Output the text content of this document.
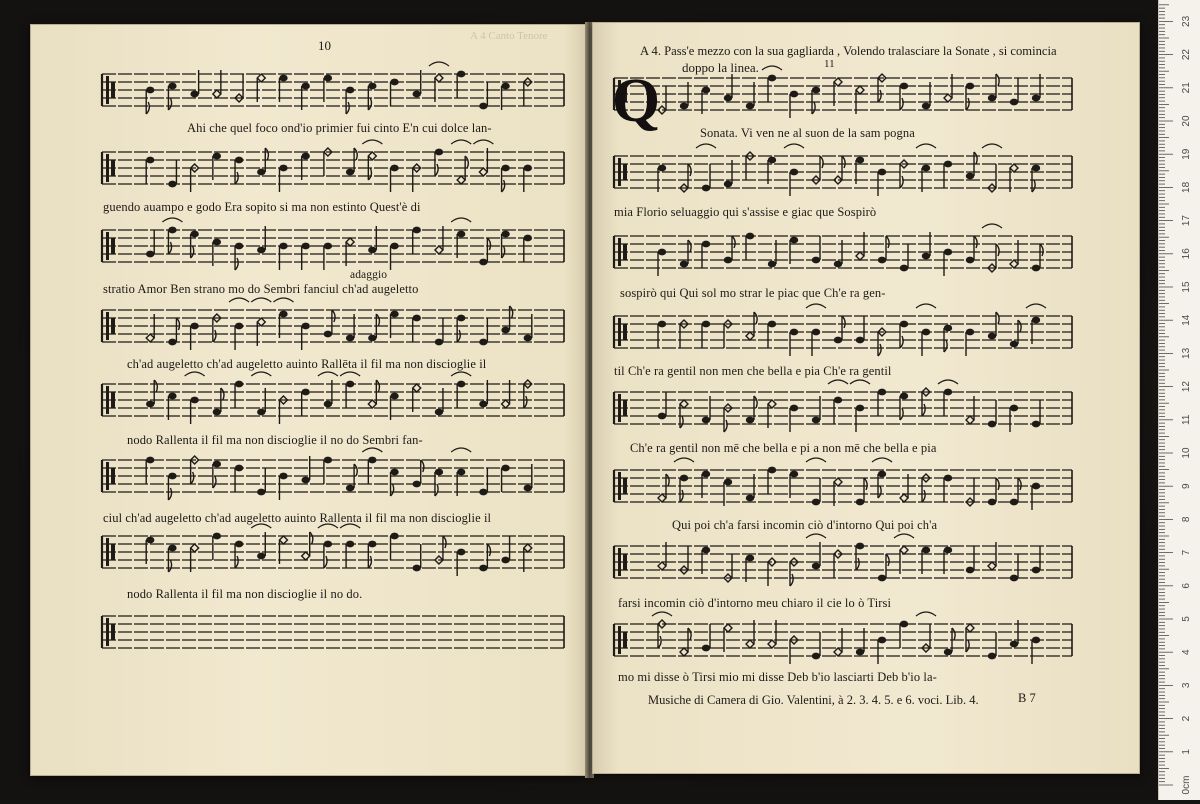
A 4 Canto Tenore
10
Ahi che quel foco ond'io primier fui cinto E'n cui dolce lan-
guendo auampo e godo Era sopito si ma non estinto Quest'è di
adaggio
stratio Amor Ben strano mo do Sembri fanciul ch'ad augeletto
ch'ad augeletto ch'ad augeletto auinto Rallēta il fil ma non discioglie il
nodo Rallenta il fil ma non discioglie il no do Sembri fan-
ciul ch'ad augeletto ch'ad augeletto auinto Rallenta il fil ma non discioglie il
nodo Rallenta il fil ma non discioglie il no do.
A 4. Pass'e mezzo con la sua gagliarda , Volendo tralasciare la Sonate , si comincia
doppo la linea.	11
Sonata. Vi ven ne al suon de la sam pogna
mia Florio seluaggio qui s'assise e giac que Sospirò
sospirò qui Qui sol mo strar le piac que Ch'e ra gen-
til Ch'e ra gentil non men che bella e pia Ch'e ra gentil
Ch'e ra gentil non mē che bella e pi a non mē che bella e pia
Qui poi ch'a farsi incomin ciò d'intorno Qui poi ch'a
farsi incomin ciò d'intorno meu chiaro il cie lo ò Tirsi
mo mi disse ò Tirsi mio mi disse Deb b'io lasciarti Deb b'io la-
Musiche di Camera di Gio. Valentini, à 2. 3. 4. 5. e 6. voci. Lib. 4.	B 7
Q
0cm
1
2
3
4
5
6
7
8
9
10
11
12
13
14
15
16
17
18
19
20
21
22
23
